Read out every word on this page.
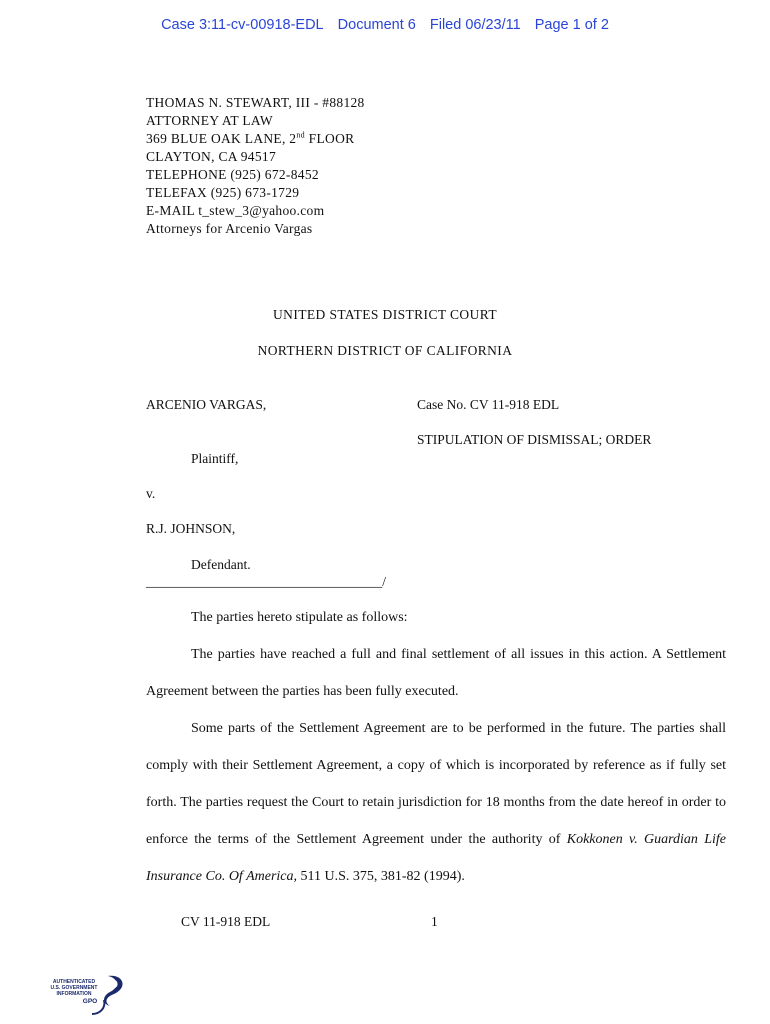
Case 3:11-cv-00918-EDL Document 6 Filed 06/23/11 Page 1 of 2
THOMAS N. STEWART, III - #88128
ATTORNEY AT LAW
369 BLUE OAK LANE, 2nd FLOOR
CLAYTON, CA 94517
TELEPHONE (925) 672-8452
TELEFAX (925) 673-1729
E-MAIL t_stew_3@yahoo.com
Attorneys for Arcenio Vargas
UNITED STATES DISTRICT COURT
NORTHERN DISTRICT OF CALIFORNIA
ARCENIO VARGAS,	Case No. CV 11-918 EDL
STIPULATION OF DISMISSAL; ORDER
Plaintiff,
v.
R.J. JOHNSON,
Defendant.
___________________________________/
The parties hereto stipulate as follows:
The parties have reached a full and final settlement of all issues in this action. A Settlement Agreement between the parties has been fully executed.
Some parts of the Settlement Agreement are to be performed in the future. The parties shall comply with their Settlement Agreement, a copy of which is incorporated by reference as if fully set forth. The parties request the Court to retain jurisdiction for 18 months from the date hereof in order to enforce the terms of the Settlement Agreement under the authority of Kokkonen v. Guardian Life Insurance Co. Of America, 511 U.S. 375, 381-82 (1994).
CV 11-918 EDL	1
AUTHENTICATED
U.S. GOVERNMENT
INFORMATION
GPO
